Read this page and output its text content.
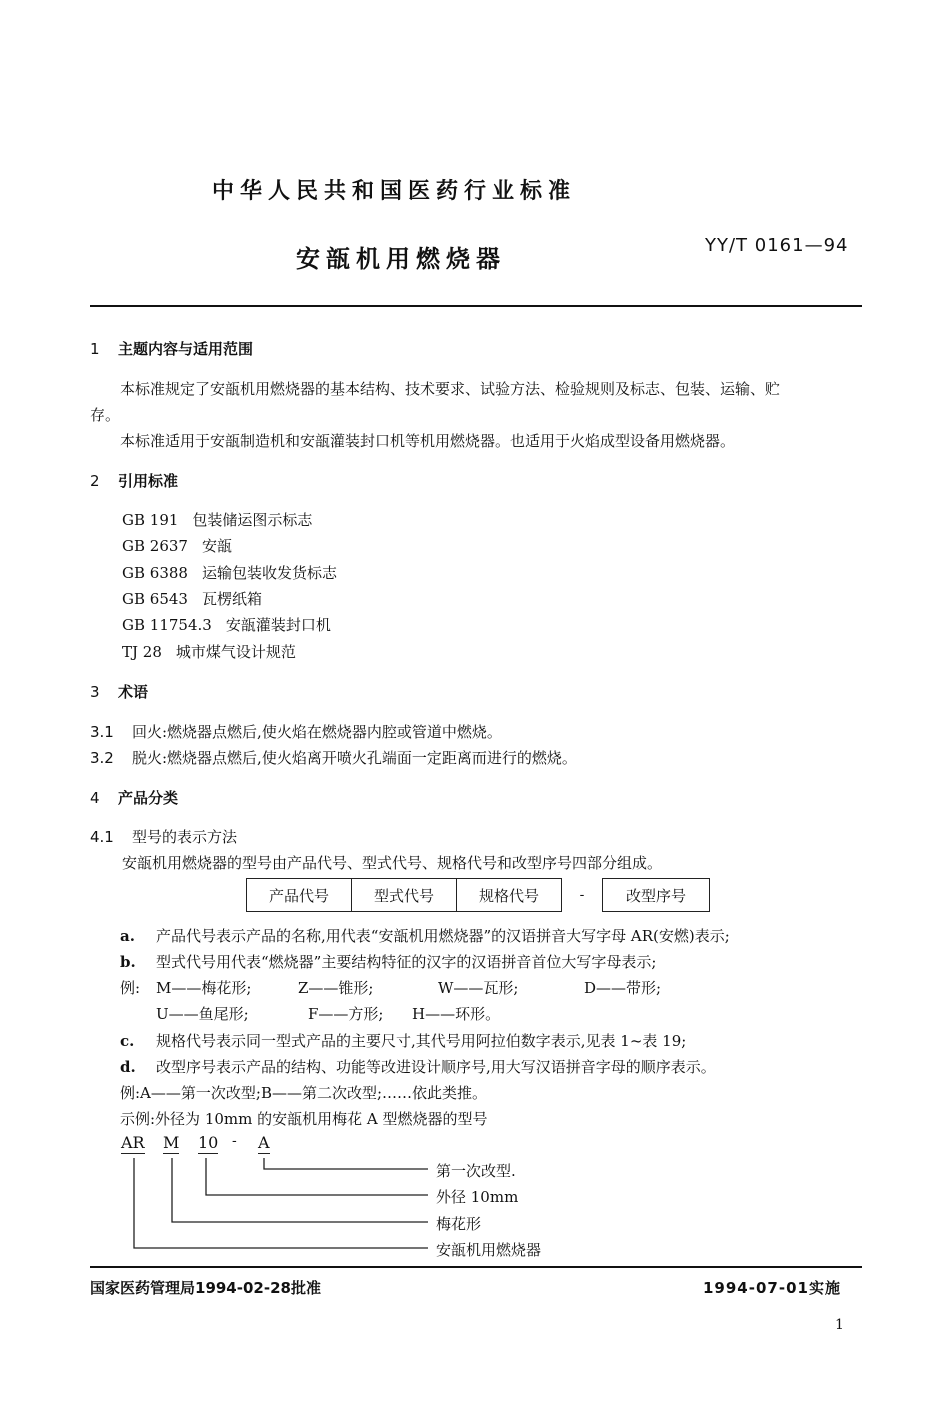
中华人民共和国医药行业标准
安瓿机用燃烧器	YY/T 0161—94
1 主题内容与适用范围
本标准规定了安瓿机用燃烧器的基本结构、技术要求、试验方法、检验规则及标志、包装、运输、贮
存。
本标准适用于安瓿制造机和安瓿灌装封口机等机用燃烧器。也适用于火焰成型设备用燃烧器。
2 引用标准
GB 191 包装储运图示标志
GB 2637 安瓿
GB 6388 运输包装收发货标志
GB 6543 瓦楞纸箱
GB 11754.3 安瓿灌装封口机
TJ 28 城市煤气设计规范
3 术语
3.1 回火:燃烧器点燃后,使火焰在燃烧器内腔或管道中燃烧。
3.2 脱火:燃烧器点燃后,使火焰离开喷火孔端面一定距离而进行的燃烧。
4 产品分类
4.1 型号的表示方法
安瓿机用燃烧器的型号由产品代号、型式代号、规格代号和改型序号四部分组成。
产品代号	型式代号	规格代号	-	改型序号
a. 产品代号表示产品的名称,用代表“安瓿机用燃烧器”的汉语拼音大写字母 AR(安燃)表示;
b. 型式代号用代表“燃烧器”主要结构特征的汉字的汉语拼音首位大写字母表示;
例: M——梅花形;	Z——锥形;	W——瓦形;	D——带形;
U——鱼尾形;	F——方形; H——环形。
c. 规格代号表示同一型式产品的主要尺寸,其代号用阿拉伯数字表示,见表 1~表 19;
d. 改型序号表示产品的结构、功能等改进设计顺序号,用大写汉语拼音字母的顺序表示。
例:A——第一次改型;B——第二次改型;……依此类推。
示例:外径为 10mm 的安瓿机用梅花 A 型燃烧器的型号
AR M 10 - A
第一次改型.
外径 10mm
梅花形
安瓿机用燃烧器
国家医药管理局1994-02-28批准	1994-07-01实施
1
